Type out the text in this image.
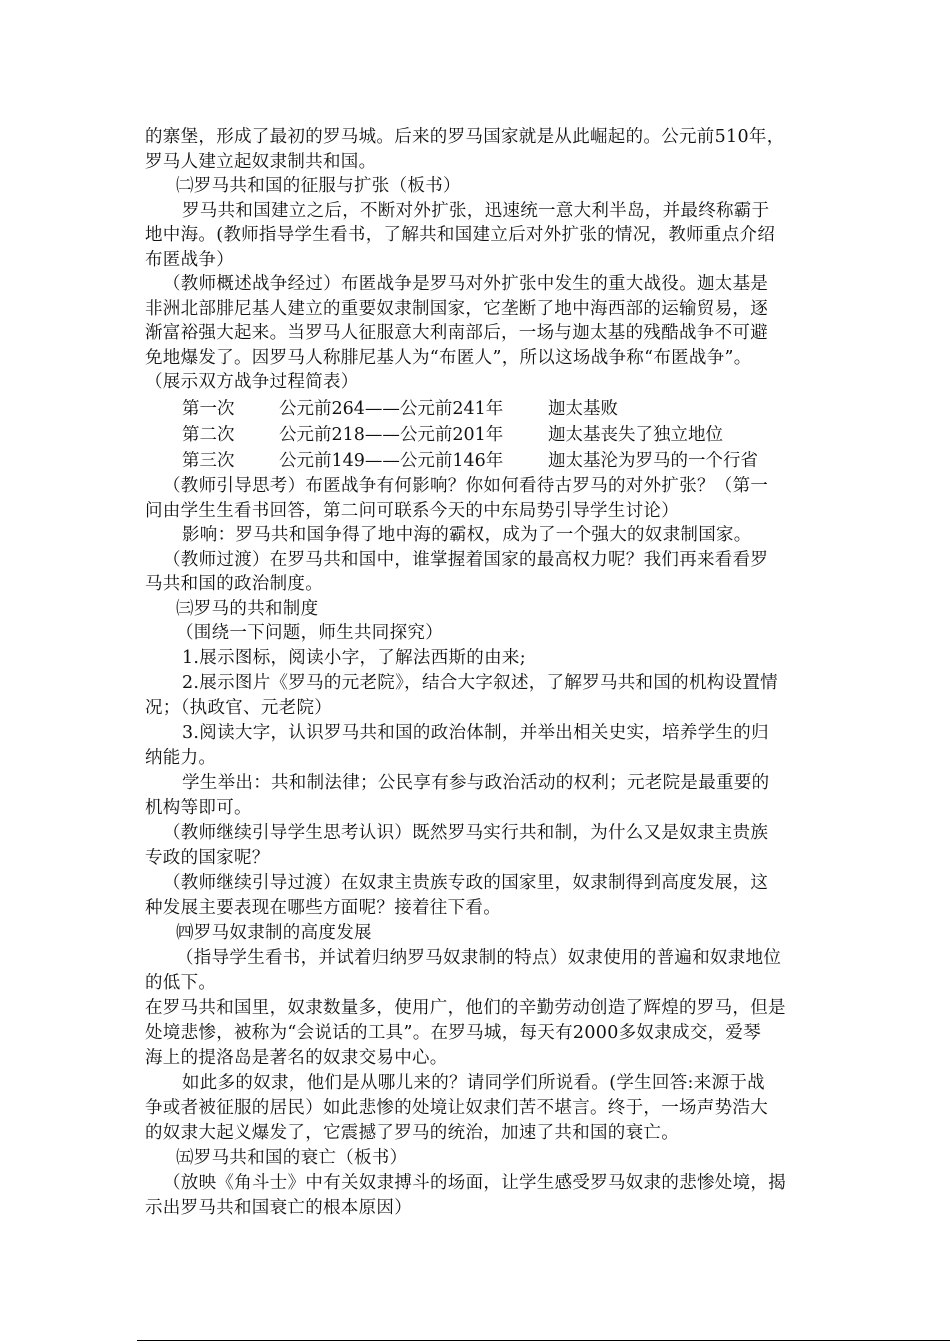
的寨堡，形成了最初的罗马城。后来的罗马国家就是从此崛起的。公元前510年，
罗马人建立起奴隶制共和国。
㈡罗马共和国的征服与扩张（板书）
罗马共和国建立之后，不断对外扩张，迅速统一意大利半岛，并最终称霸于
地中海。(教师指导学生看书，了解共和国建立后对外扩张的情况，教师重点介绍
布匿战争）
（教师概述战争经过）布匿战争是罗马对外扩张中发生的重大战役。迦太基是
非洲北部腓尼基人建立的重要奴隶制国家，它垄断了地中海西部的运输贸易，逐
渐富裕强大起来。当罗马人征服意大利南部后，一场与迦太基的残酷战争不可避
免地爆发了。因罗马人称腓尼基人为“布匿人”，所以这场战争称“布匿战争”。
（展示双方战争过程简表）
第一次	公元前264——公元前241年	迦太基败
第二次	公元前218——公元前201年	迦太基丧失了独立地位
第三次	公元前149——公元前146年	迦太基沦为罗马的一个行省
（教师引导思考）布匿战争有何影响？你如何看待古罗马的对外扩张？（第一
问由学生生看书回答，第二问可联系今天的中东局势引导学生讨论）
影响：罗马共和国争得了地中海的霸权，成为了一个强大的奴隶制国家。
（教师过渡）在罗马共和国中，谁掌握着国家的最高权力呢？我们再来看看罗
马共和国的政治制度。
㈢罗马的共和制度
（围绕一下问题，师生共同探究）
1.展示图标，阅读小字，了解法西斯的由来;
2.展示图片《罗马的元老院》，结合大字叙述，了解罗马共和国的机构设置情
况；（执政官、元老院）
3.阅读大字，认识罗马共和国的政治体制，并举出相关史实，培养学生的归
纳能力。
学生举出：共和制法律；公民享有参与政治活动的权利；元老院是最重要的
机构等即可。
（教师继续引导学生思考认识）既然罗马实行共和制，为什么又是奴隶主贵族
专政的国家呢？
（教师继续引导过渡）在奴隶主贵族专政的国家里，奴隶制得到高度发展，这
种发展主要表现在哪些方面呢？接着往下看。
㈣罗马奴隶制的高度发展
（指导学生看书，并试着归纳罗马奴隶制的特点）奴隶使用的普遍和奴隶地位
的低下。
在罗马共和国里，奴隶数量多，使用广，他们的辛勤劳动创造了辉煌的罗马，但是
处境悲惨，被称为“会说话的工具”。在罗马城，每天有2000多奴隶成交，爱琴
海上的提洛岛是著名的奴隶交易中心。
如此多的奴隶，他们是从哪儿来的？请同学们所说看。(学生回答:来源于战
争或者被征服的居民）如此悲惨的处境让奴隶们苦不堪言。终于，一场声势浩大
的奴隶大起义爆发了，它震撼了罗马的统治，加速了共和国的衰亡。
㈤罗马共和国的衰亡（板书）
（放映《角斗士》中有关奴隶搏斗的场面，让学生感受罗马奴隶的悲惨处境，揭
示出罗马共和国衰亡的根本原因）
